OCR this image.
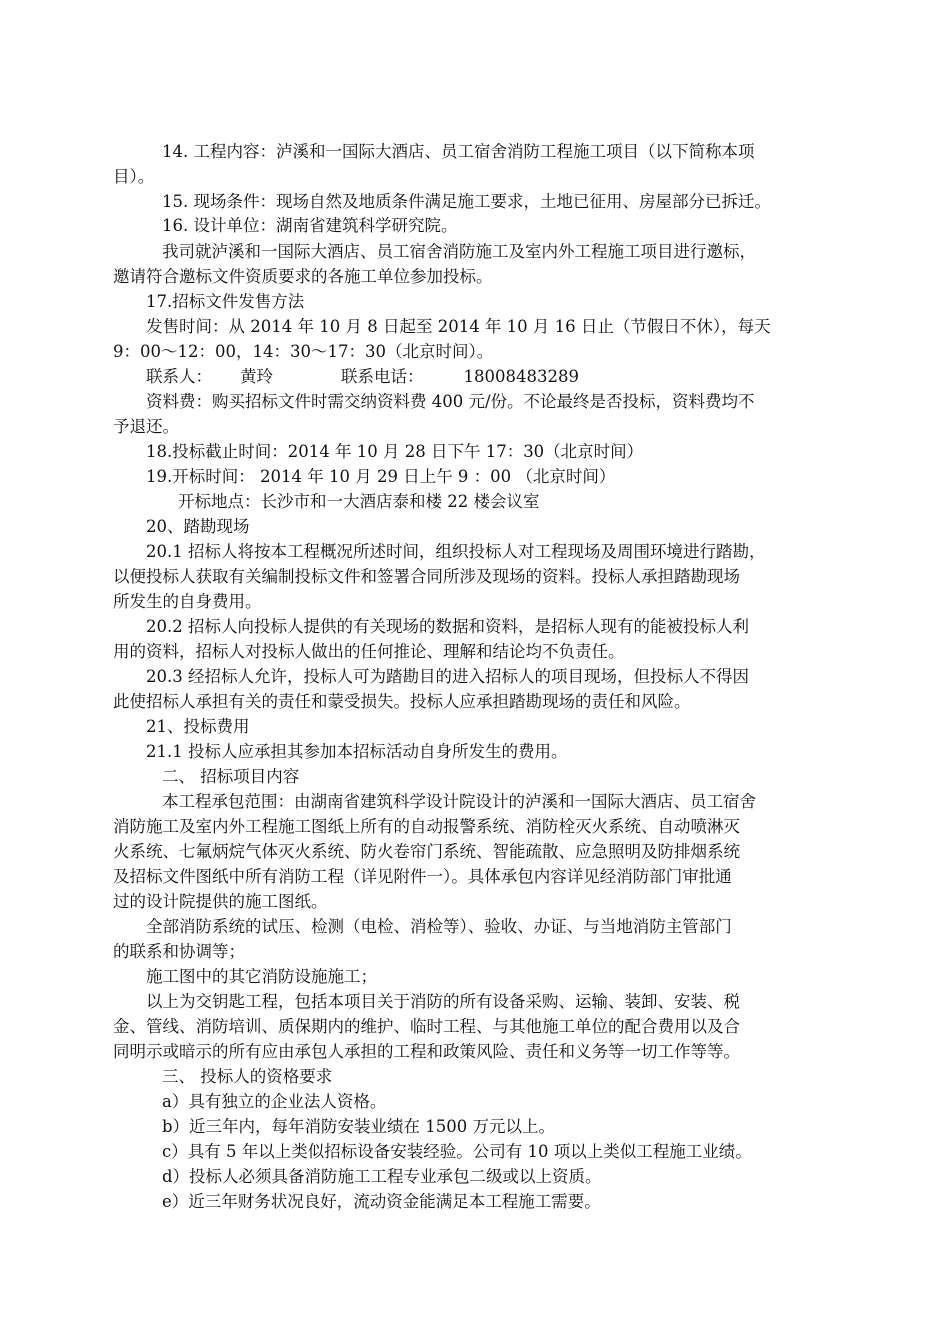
14. 工程内容：泸溪和一国际大酒店、员工宿舍消防工程施工项目（以下简称本项
目）。
15. 现场条件：现场自然及地质条件满足施工要求，土地已征用、房屋部分已拆迁。
16. 设计单位：湖南省建筑科学研究院。
我司就泸溪和一国际大酒店、员工宿舍消防施工及室内外工程施工项目进行邀标，
邀请符合邀标文件资质要求的各施工单位参加投标。
17.招标文件发售方法
发售时间：从 2014 年 10 月 8 日起至 2014 年 10 月 16 日止（节假日不休），每天
9：00～12：00，14：30～17：30（北京时间）。
联系人： 黄玲	联系电话： 18008483289
资料费：购买招标文件时需交纳资料费 400 元/份。不论最终是否投标，资料费均不
予退还。
18.投标截止时间：2014 年 10 月 28 日下午 17：30（北京时间）
19.开标时间： 2014 年 10 月 29 日上午 9 ：00 （北京时间）
开标地点：长沙市和一大酒店泰和楼 22 楼会议室
20、踏勘现场
20.1 招标人将按本工程概况所述时间，组织投标人对工程现场及周围环境进行踏勘，
以便投标人获取有关编制投标文件和签署合同所涉及现场的资料。投标人承担踏勘现场
所发生的自身费用。
20.2 招标人向投标人提供的有关现场的数据和资料，是招标人现有的能被投标人利
用的资料，招标人对投标人做出的任何推论、理解和结论均不负责任。
20.3 经招标人允许，投标人可为踏勘目的进入招标人的项目现场，但投标人不得因
此使招标人承担有关的责任和蒙受损失。投标人应承担踏勘现场的责任和风险。
21、投标费用
21.1 投标人应承担其参加本招标活动自身所发生的费用。
二、 招标项目内容
本工程承包范围：由湖南省建筑科学设计院设计的泸溪和一国际大酒店、员工宿舍
消防施工及室内外工程施工图纸上所有的自动报警系统、消防栓灭火系统、自动喷淋灭
火系统、七氟炳烷气体灭火系统、防火卷帘门系统、智能疏散、应急照明及防排烟系统
及招标文件图纸中所有消防工程（详见附件一）。具体承包内容详见经消防部门审批通
过的设计院提供的施工图纸。
全部消防系统的试压、检测（电检、消检等）、验收、办证、与当地消防主管部门
的联系和协调等；
施工图中的其它消防设施施工；
以上为交钥匙工程，包括本项目关于消防的所有设备采购、运输、装卸、安装、税
金、管线、消防培训、质保期内的维护、临时工程、与其他施工单位的配合费用以及合
同明示或暗示的所有应由承包人承担的工程和政策风险、责任和义务等一切工作等等。
三、 投标人的资格要求
a）具有独立的企业法人资格。
b）近三年内，每年消防安装业绩在 1500 万元以上。
c）具有 5 年以上类似招标设备安装经验。公司有 10 项以上类似工程施工业绩。
d）投标人必须具备消防施工工程专业承包二级或以上资质。
e）近三年财务状况良好，流动资金能满足本工程施工需要。
